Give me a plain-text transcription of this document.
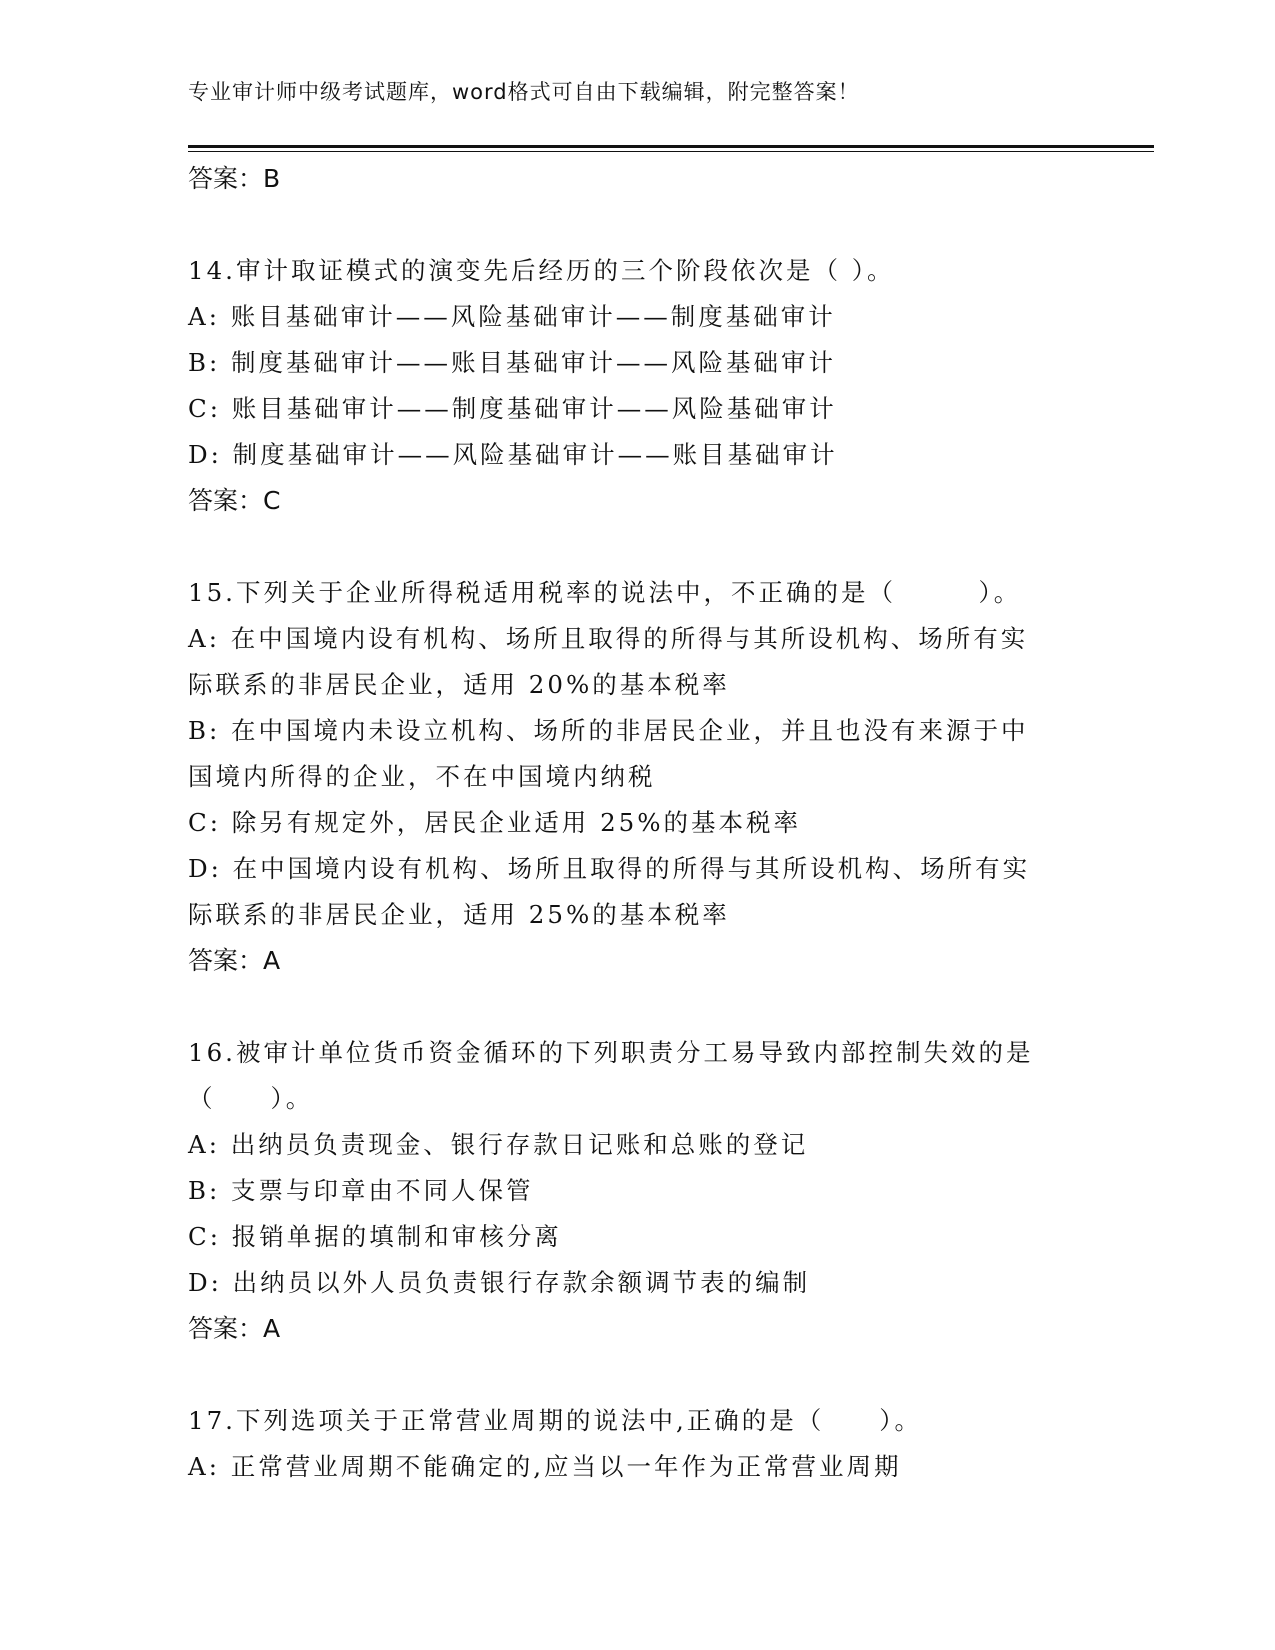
专业审计师中级考试题库，word格式可自由下载编辑，附完整答案！
答案：B
14.审计取证模式的演变先后经历的三个阶段依次是（ ）。
A: 账目基础审计——风险基础审计——制度基础审计
B: 制度基础审计——账目基础审计——风险基础审计
C: 账目基础审计——制度基础审计——风险基础审计
D: 制度基础审计——风险基础审计——账目基础审计
答案：C
15.下列关于企业所得税适用税率的说法中，不正确的是（　　　）。
A: 在中国境内设有机构、场所且取得的所得与其所设机构、场所有实
际联系的非居民企业，适用 20%的基本税率
B: 在中国境内未设立机构、场所的非居民企业，并且也没有来源于中
国境内所得的企业，不在中国境内纳税
C: 除另有规定外，居民企业适用 25%的基本税率
D: 在中国境内设有机构、场所且取得的所得与其所设机构、场所有实
际联系的非居民企业，适用 25%的基本税率
答案：A
16.被审计单位货币资金循环的下列职责分工易导致内部控制失效的是
（　　）。
A: 出纳员负责现金、银行存款日记账和总账的登记
B: 支票与印章由不同人保管
C: 报销单据的填制和审核分离
D: 出纳员以外人员负责银行存款余额调节表的编制
答案：A
17.下列选项关于正常营业周期的说法中,正确的是（　　）。
A: 正常营业周期不能确定的,应当以一年作为正常营业周期
